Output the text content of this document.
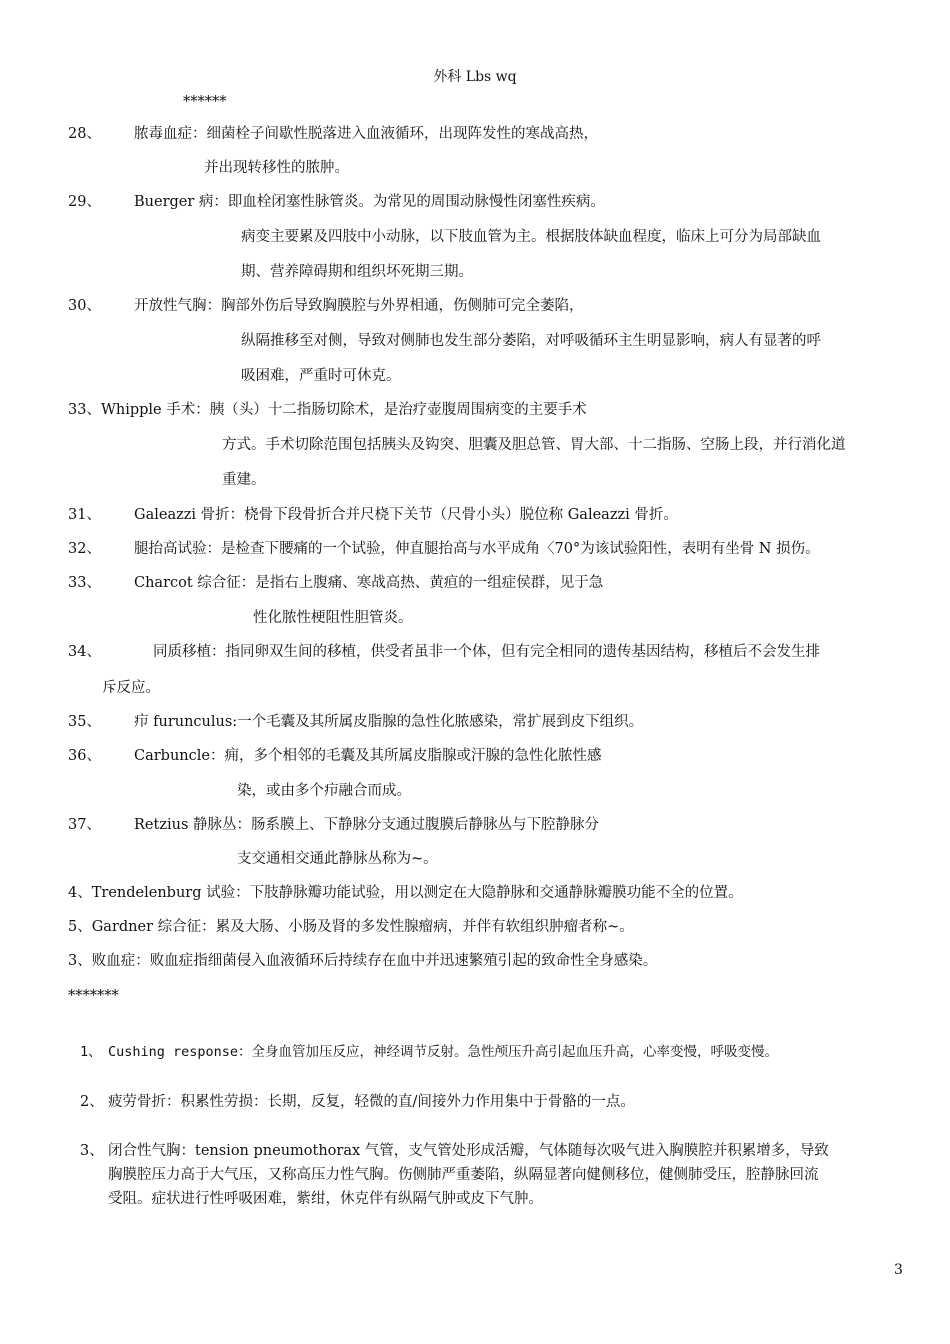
外科 Lbs wq
******
28、 脓毒血症：细菌栓子间歇性脱落进入血液循环，出现阵发性的寒战高热，
并出现转移性的脓肿。
29、 Buerger 病：即血栓闭塞性脉管炎。为常见的周围动脉慢性闭塞性疾病。
病变主要累及四肢中小动脉，以下肢血管为主。根据肢体缺血程度，临床上可分为局部缺血
期、营养障碍期和组织坏死期三期。
30、 开放性气胸：胸部外伤后导致胸膜腔与外界相通，伤侧肺可完全萎陷，
纵隔推移至对侧，导致对侧肺也发生部分萎陷，对呼吸循环主生明显影响，病人有显著的呼
吸困难，严重时可休克。
33、Whipple 手术：胰（头）十二指肠切除术，是治疗壶腹周围病变的主要手术
方式。手术切除范围包括胰头及钩突、胆囊及胆总管、胃大部、十二指肠、空肠上段，并行消化道
重建。
31、 Galeazzi 骨折：桡骨下段骨折合并尺桡下关节（尺骨小头）脱位称 Galeazzi 骨折。
32、 腿抬高试验：是检查下腰痛的一个试验，伸直腿抬高与水平成角〈70°为该试验阳性，表明有坐骨 N 损伤。
33、 Charcot 综合征：是指右上腹痛、寒战高热、黄疸的一组症侯群，见于急
性化脓性梗阻性胆管炎。
34、	同质移植：指同卵双生间的移植，供受者虽非一个体，但有完全相同的遗传基因结构，移植后不会发生排
斥反应。
35、 疖 furunculus:一个毛囊及其所属皮脂腺的急性化脓感染，常扩展到皮下组织。
36、 Carbuncle：痈，多个相邻的毛囊及其所属皮脂腺或汗腺的急性化脓性感
染，或由多个疖融合而成。
37、 Retzius 静脉丛：肠系膜上、下静脉分支通过腹膜后静脉丛与下腔静脉分
支交通相交通此静脉丛称为~。
4、Trendelenburg 试验：下肢静脉瓣功能试验，用以测定在大隐静脉和交通静脉瓣膜功能不全的位置。
5、Gardner 综合征：累及大肠、小肠及肾的多发性腺瘤病，并伴有软组织肿瘤者称~。
3、败血症：败血症指细菌侵入血液循环后持续存在血中并迅速繁殖引起的致命性全身感染。
*******
1、 Cushing response：全身血管加压反应，神经调节反射。急性颅压升高引起血压升高，心率变慢，呼吸变慢。
2、 疲劳骨折：积累性劳损：长期，反复，轻微的直/间接外力作用集中于骨骼的一点。
3、 闭合性气胸：tension pneumothorax 气管，支气管处形成活瓣，气体随每次吸气进入胸膜腔并积累增多，导致
胸膜腔压力高于大气压，又称高压力性气胸。伤侧肺严重萎陷，纵隔显著向健侧移位，健侧肺受压，腔静脉回流
受阻。症状进行性呼吸困难，紫绀，休克伴有纵隔气肿或皮下气肿。
3
